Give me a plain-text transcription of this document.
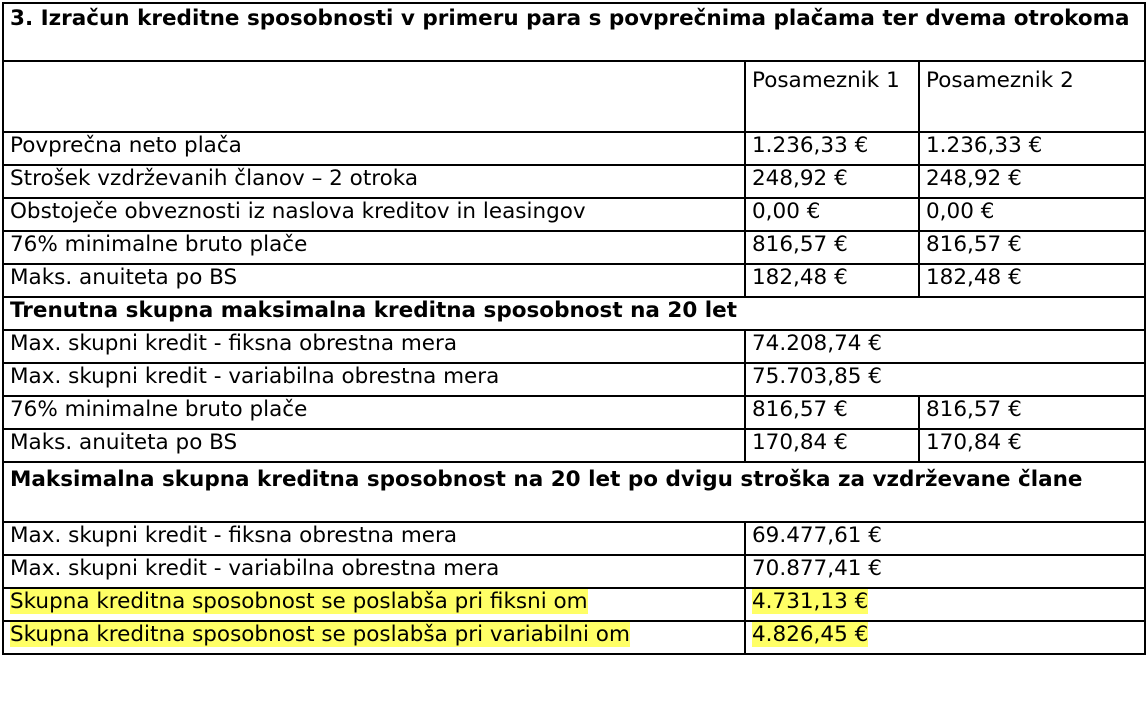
3. Izračun kreditne sposobnosti v primeru para s povprečnima plačama ter dvema otrokoma		
	Posameznik 1	Posameznik 2
Povprečna neto plača	1.236,33 €	1.236,33 €
Strošek vzdrževanih članov – 2 otroka	248,92 €	248,92 €
Obstoječe obveznosti iz naslova kreditov in leasingov	0,00 €	0,00 €
76% minimalne bruto plače	816,57 €	816,57 €
Maks. anuiteta po BS	182,48 €	182,48 €
Trenutna skupna maksimalna kreditna sposobnost na 20 let		
Max. skupni kredit - fiksna obrestna mera	74.208,74 €	
Max. skupni kredit - variabilna obrestna mera	75.703,85 €	
76% minimalne bruto plače	816,57 €	816,57 €
Maks. anuiteta po BS	170,84 €	170,84 €
Maksimalna skupna kreditna sposobnost na 20 let po dvigu stroška za vzdrževane člane		
Max. skupni kredit - fiksna obrestna mera	69.477,61 €	
Max. skupni kredit - variabilna obrestna mera	70.877,41 €	
Skupna kreditna sposobnost se poslabša pri fiksni om	4.731,13 €	
Skupna kreditna sposobnost se poslabša pri variabilni om	4.826,45 €	
